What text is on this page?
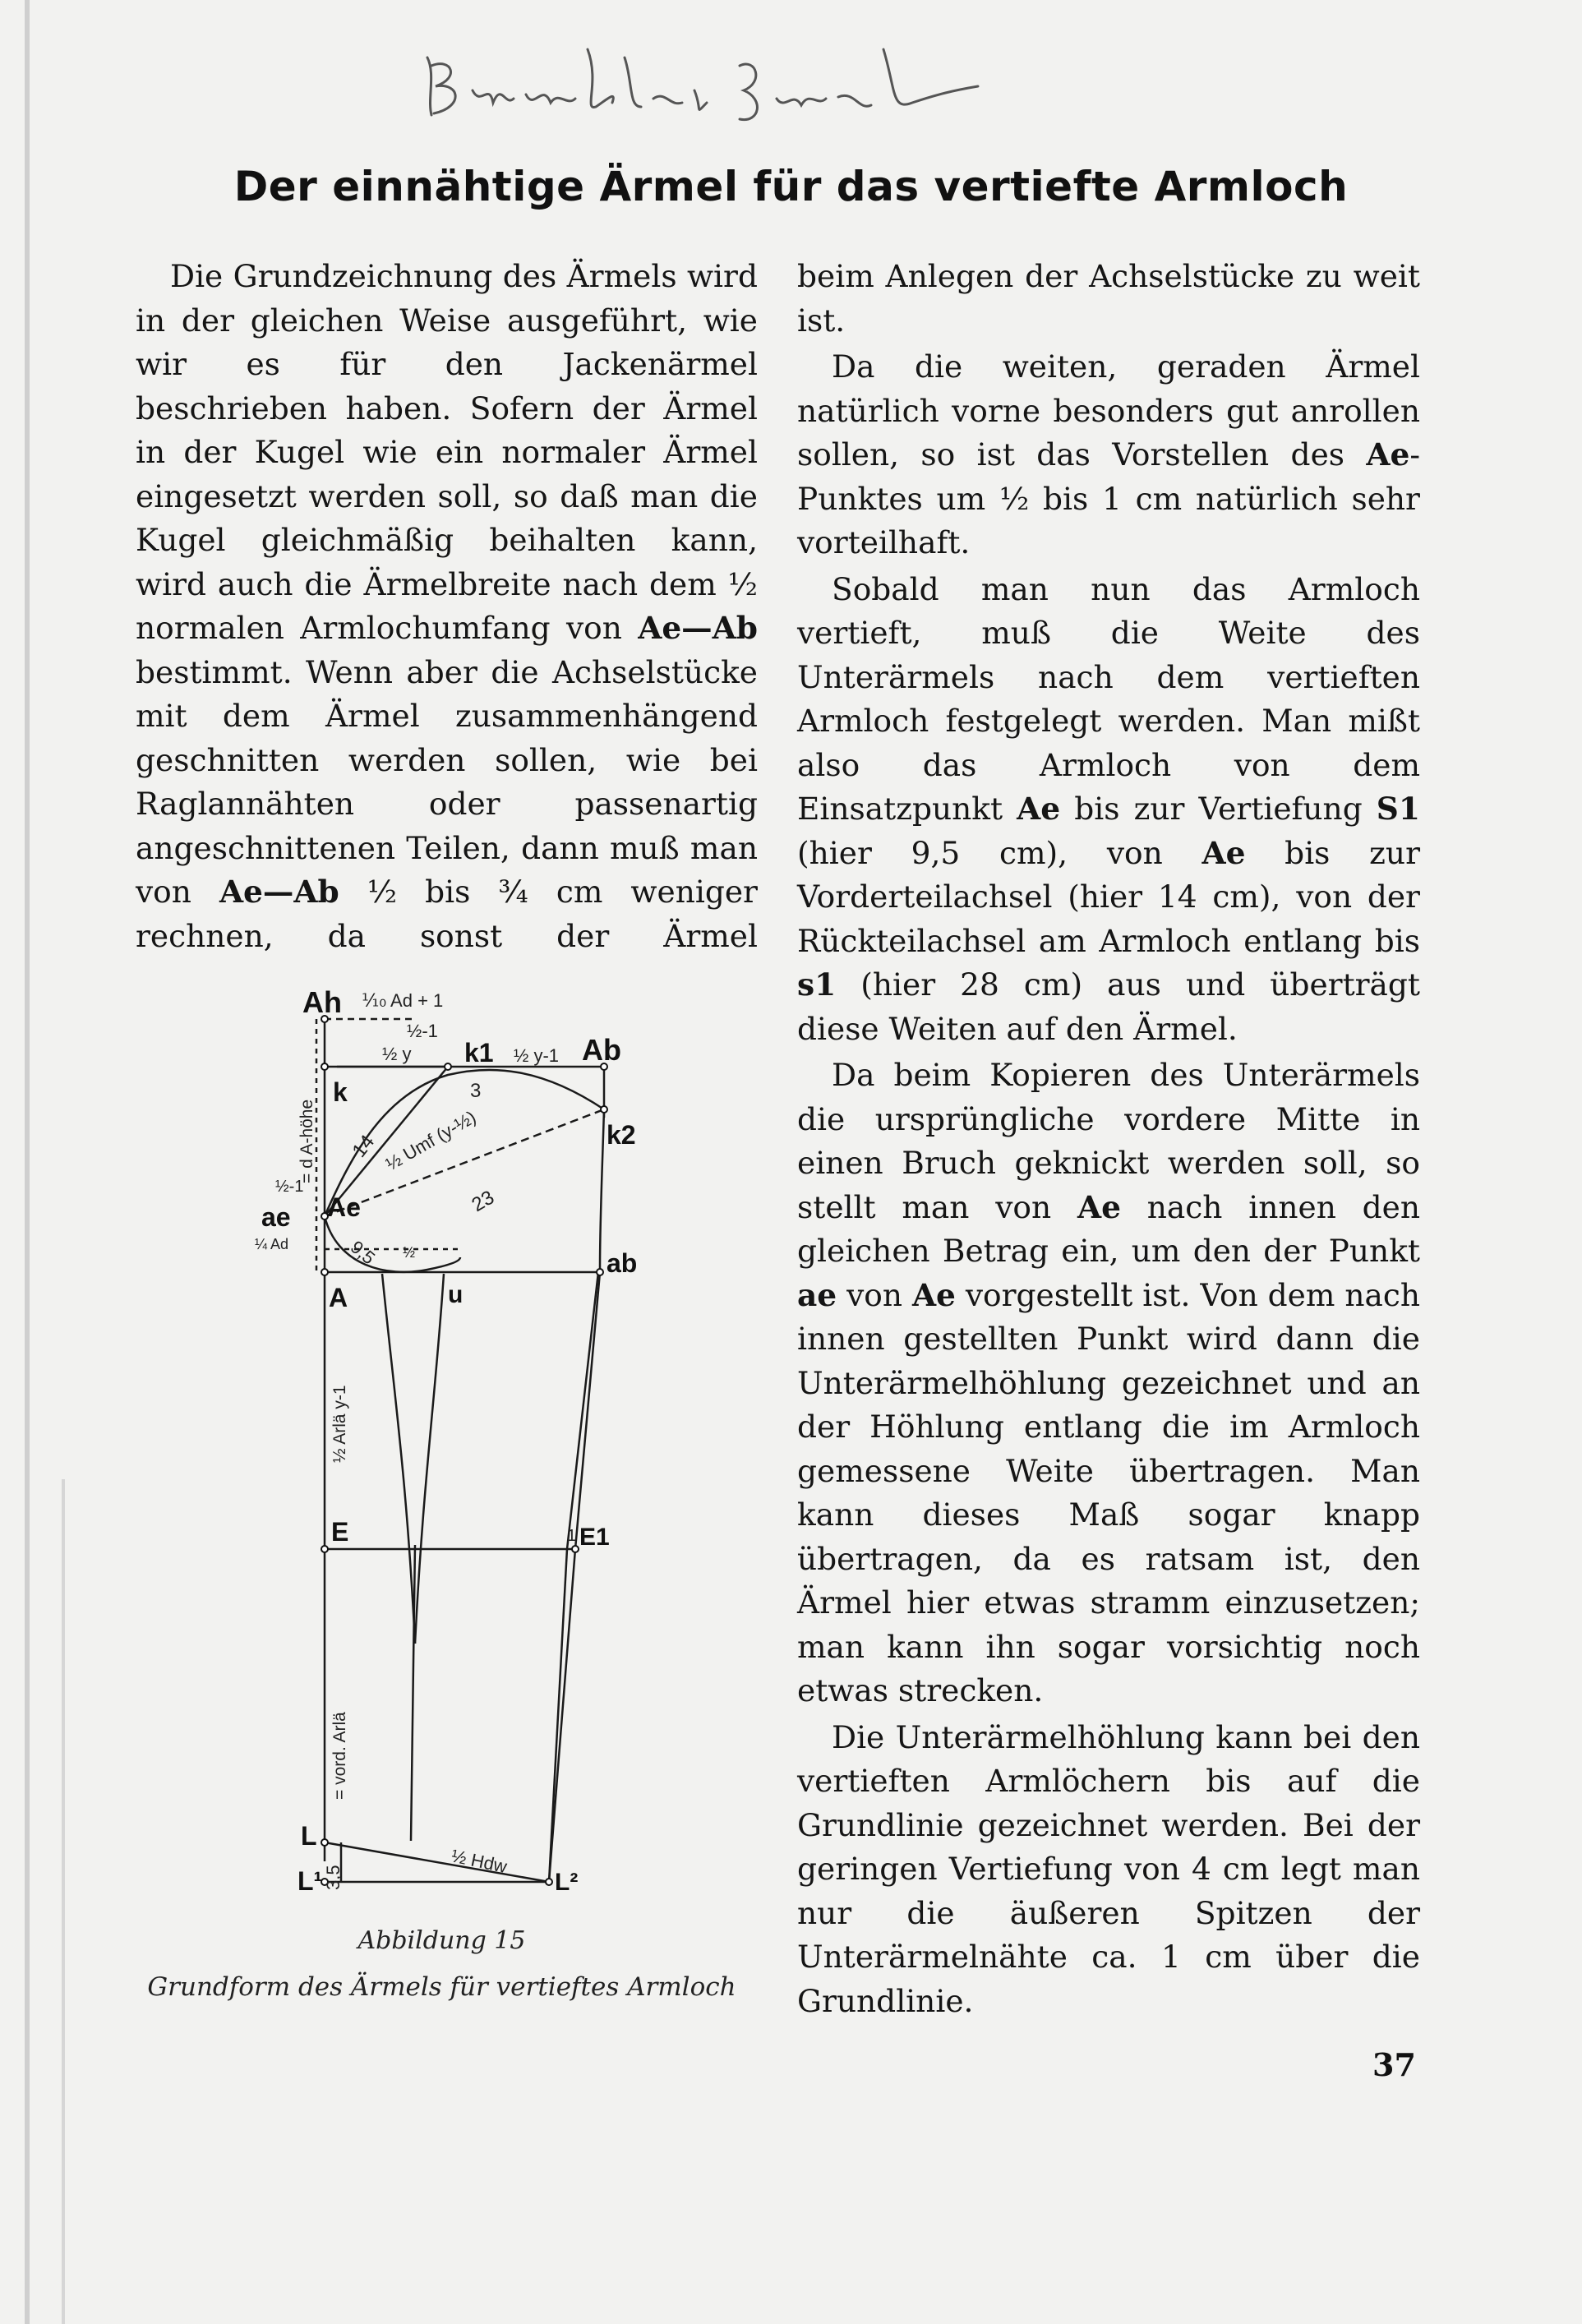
Der einnähtige Ärmel für das vertiefte Armloch

Die Grundzeichnung des Ärmels wird in der gleichen Weise ausgeführt, wie wir es für den Jackenärmel beschrieben haben. Sofern der Ärmel in der Kugel wie ein normaler Ärmel eingesetzt werden soll, so daß man die Kugel gleichmäßig beihalten kann, wird auch die Ärmelbreite nach dem ½ normalen Armlochumfang von Ae—Ab bestimmt. Wenn aber die Achselstücke mit dem Ärmel zusammenhängend geschnitten werden sollen, wie bei Raglannähten oder passenartig angeschnittenen Teilen, dann muß man von Ae—Ab ½ bis ¾ cm weniger rechnen, da sonst der Ärmel

beim Anlegen der Achselstücke zu weit ist.

Da die weiten, geraden Ärmel natürlich vorne besonders gut anrollen sollen, so ist das Vorstellen des Ae-Punktes um ½ bis 1 cm natürlich sehr vorteilhaft.

Sobald man nun das Armloch vertieft, muß die Weite des Unterärmels nach dem vertieften Armloch festgelegt werden. Man mißt also das Armloch von dem Einsatzpunkt Ae bis zur Vertiefung S1 (hier 9,5 cm), von Ae bis zur Vorderteilachsel (hier 14 cm), von der Rückteilachsel am Armloch entlang bis s1 (hier 28 cm) aus und überträgt diese Weiten auf den Ärmel.

Da beim Kopieren des Unterärmels die ursprüngliche vordere Mitte in einen Bruch geknickt werden soll, so stellt man von Ae nach innen den gleichen Betrag ein, um den der Punkt ae von Ae vorgestellt ist. Von dem nach innen gestellten Punkt wird dann die Unterärmelhöhlung gezeichnet und an der Höhlung entlang die im Armloch gemessene Weite übertragen. Man kann dieses Maß sogar knapp übertragen, da es ratsam ist, den Ärmel hier etwas stramm einzusetzen; man kann ihn sogar vorsichtig noch etwas strecken.

Die Unterärmelhöhlung kann bei den vertieften Armlöchern bis auf die Grundlinie gezeichnet werden. Bei der geringen Vertiefung von 4 cm legt man nur die äußeren Spitzen der Unterärmelnähte ca. 1 cm über die Grundlinie.

Ah ⅒ Ad + 1
½-1
½ y
k
k1 ½ y-1 Ab
3
k2
14 ½ Umf (y-½)
23
= d A-höhe
½-1
ae Ae
¼ Ad	9,5 ½
A	u
ab
½ Arlä y-1
E	1 E1
= vord. Arlä
L
L¹ 3,5
½ Hdw
L²
Abbildung 15
Grundform des Ärmels für vertieftes Armloch
37
